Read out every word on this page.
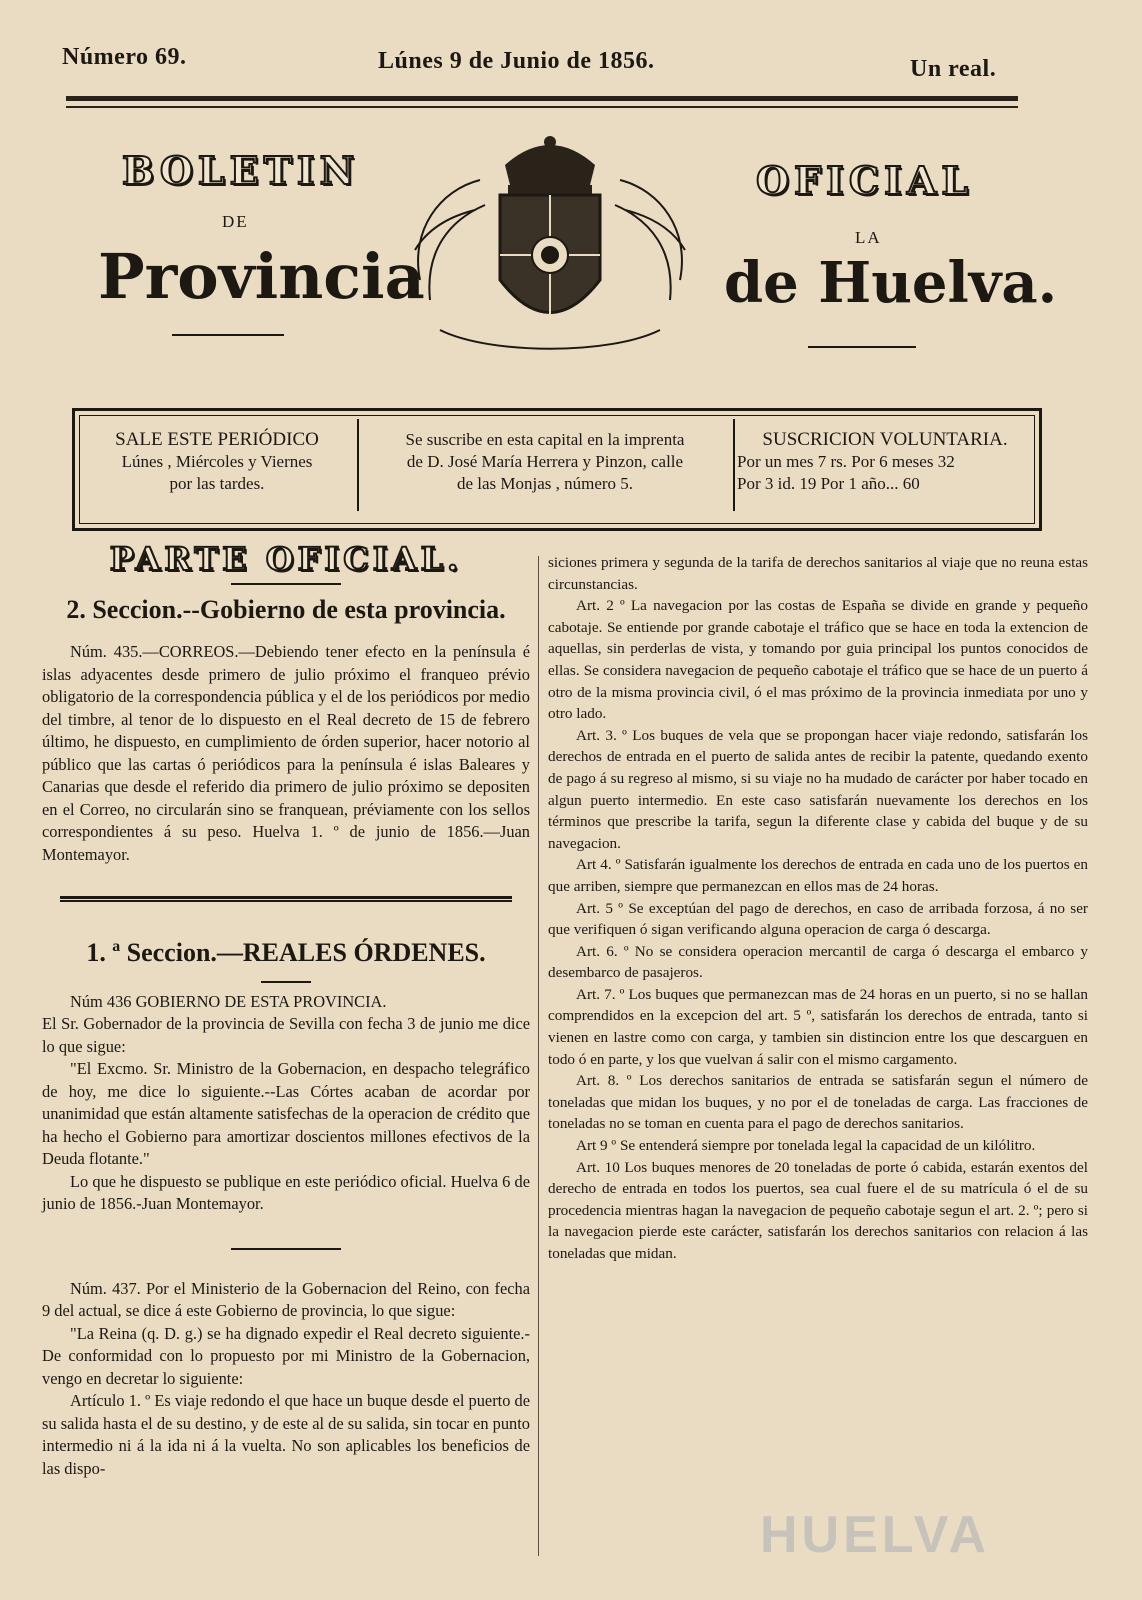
Número 69.	Lúnes 9 de Junio de 1856.	Un real.
BOLETIN	OFICIAL
DE
LA
Provincia	de Huelva.
SALE ESTE PERIÓDICO
Lúnes , Miércoles y Viernes
por las tardes.
Se suscribe en esta capital en la imprenta
de D. José María Herrera y Pinzon, calle
de las Monjas , número 5.
SUSCRICION VOLUNTARIA.
Por un mes 7 rs. Por 6 meses 32
Por 3 id. 19 Por 1 año... 60
PARTE OFICIAL.
2. Seccion.--Gobierno de esta provincia.

Núm. 435.—CORREOS.—Debiendo tener efecto en la península é islas adyacentes desde primero de julio próximo el franqueo prévio obligatorio de la correspondencia pública y el de los periódicos por medio del timbre, al tenor de lo dispuesto en el Real decreto de 15 de febrero último, he dispuesto, en cumplimiento de órden superior, hacer notorio al público que las cartas ó periódicos para la península é islas Baleares y Canarias que desde el referido dia primero de julio próximo se depositen en el Correo, no circularán sino se franquean, préviamente con los sellos correspondientes á su peso. Huelva 1. º de junio de 1856.—Juan Montemayor.

1. ª Seccion.—REALES ÓRDENES.

Núm 436 GOBIERNO DE ESTA PROVINCIA.

El Sr. Gobernador de la provincia de Sevilla con fecha 3 de junio me dice lo que sigue:

"El Excmo. Sr. Ministro de la Gobernacion, en despacho telegráfico de hoy, me dice lo siguiente.--Las Córtes acaban de acordar por unanimidad que están altamente satisfechas de la operacion de crédito que ha hecho el Gobierno para amortizar doscientos millones efectivos de la Deuda flotante."

Lo que he dispuesto se publique en este periódico oficial. Huelva 6 de junio de 1856.-Juan Montemayor.

Núm. 437. Por el Ministerio de la Gobernacion del Reino, con fecha 9 del actual, se dice á este Gobierno de provincia, lo que sigue:

"La Reina (q. D. g.) se ha dignado expedir el Real decreto siguiente.-De conformidad con lo propuesto por mi Ministro de la Gobernacion, vengo en decretar lo siguiente:

Artículo 1. º Es viaje redondo el que hace un buque desde el puerto de su salida hasta el de su destino, y de este al de su salida, sin tocar en punto intermedio ni á la ida ni á la vuelta. No son aplicables los beneficios de las dispo-

siciones primera y segunda de la tarifa de derechos sanitarios al viaje que no reuna estas circunstancias.

Art. 2 º La navegacion por las costas de España se divide en grande y pequeño cabotaje. Se entiende por grande cabotaje el tráfico que se hace en toda la extencion de aquellas, sin perderlas de vista, y tomando por guia principal los puntos conocidos de ellas. Se considera navegacion de pequeño cabotaje el tráfico que se hace de un puerto á otro de la misma provincia civil, ó el mas próximo de la provincia inmediata por uno y otro lado.

Art. 3. º Los buques de vela que se propongan hacer viaje redondo, satisfarán los derechos de entrada en el puerto de salida antes de recibir la patente, quedando exento de pago á su regreso al mismo, si su viaje no ha mudado de carácter por haber tocado en algun puerto intermedio. En este caso satisfarán nuevamente los derechos en los términos que prescribe la tarifa, segun la diferente clase y cabida del buque y de su navegacion.

Art 4. º Satisfarán igualmente los derechos de entrada en cada uno de los puertos en que arriben, siempre que permanezcan en ellos mas de 24 horas.

Art. 5 º Se exceptúan del pago de derechos, en caso de arribada forzosa, á no ser que verifiquen ó sigan verificando alguna operacion de carga ó descarga.

Art. 6. º No se considera operacion mercantil de carga ó descarga el embarco y desembarco de pasajeros.

Art. 7. º Los buques que permanezcan mas de 24 horas en un puerto, si no se hallan comprendidos en la excepcion del art. 5 º, satisfarán los derechos de entrada, tanto si vienen en lastre como con carga, y tambien sin distincion entre los que descarguen en todo ó en parte, y los que vuelvan á salir con el mismo cargamento.

Art. 8. º Los derechos sanitarios de entrada se satisfarán segun el número de toneladas que midan los buques, y no por el de toneladas de carga. Las fracciones de toneladas no se toman en cuenta para el pago de derechos sanitarios.

Art 9 º Se entenderá siempre por tonelada legal la capacidad de un kilólitro.

Art. 10 Los buques menores de 20 toneladas de porte ó cabida, estarán exentos del derecho de entrada en todos los puertos, sea cual fuere el de su matrícula ó el de su procedencia mientras hagan la navegacion de pequeño cabotaje segun el art. 2. º; pero si la navegacion pierde este carácter, satisfarán los derechos sanitarios con relacion á las toneladas que midan.

HUELVA
